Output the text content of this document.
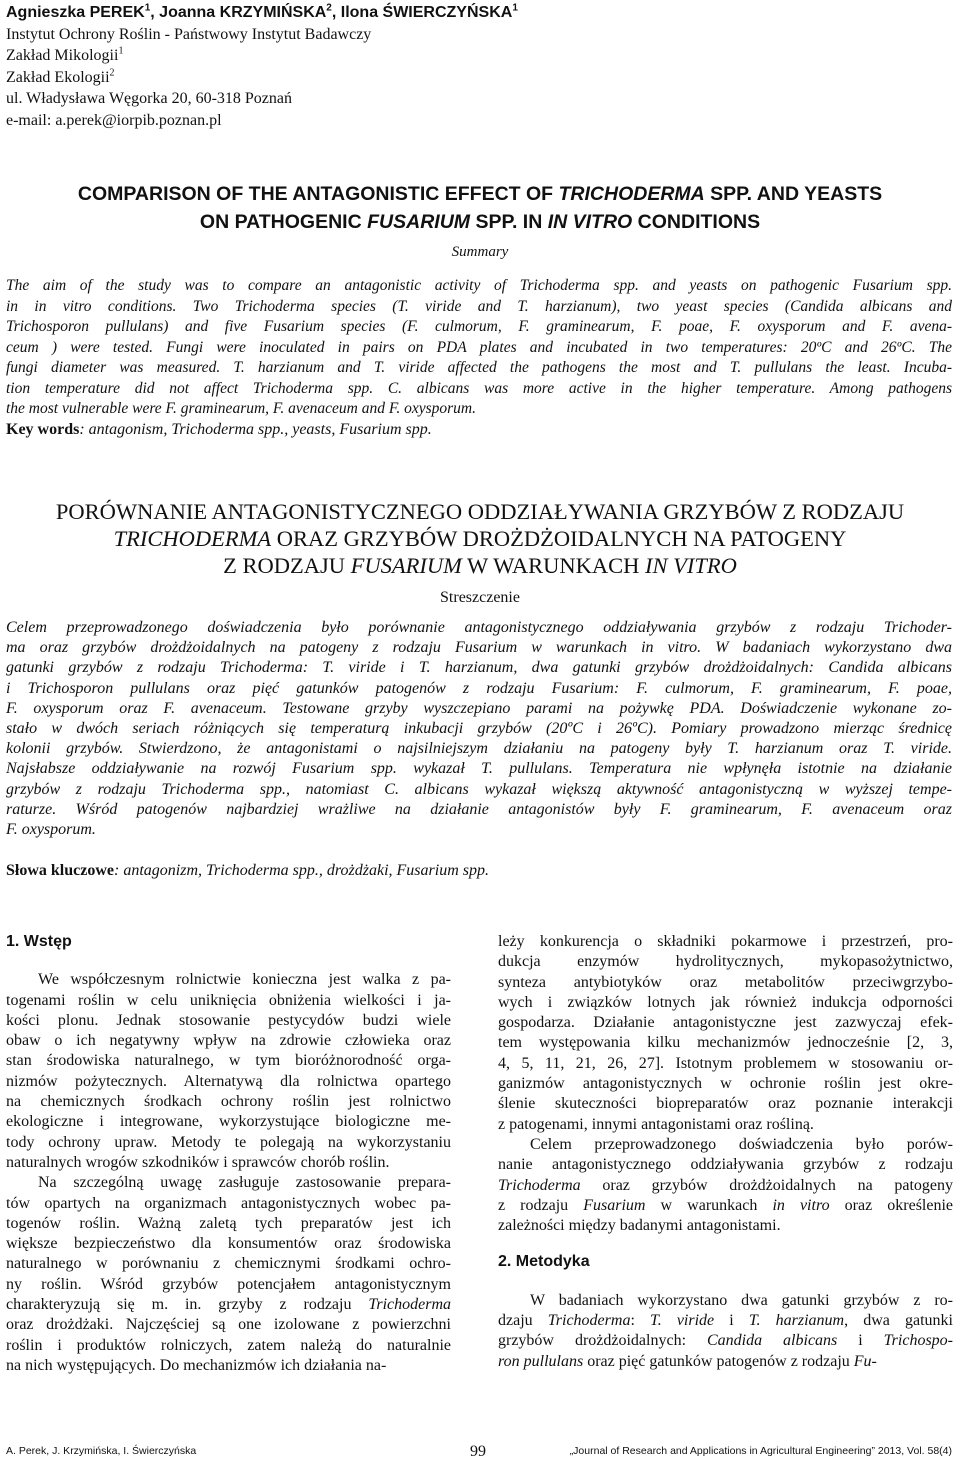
Agnieszka PEREK$^1$, Joanna KRZYMIŃSKA$^2$, Ilona ŚWIERCZYŃSKA$^1$
Instytut Ochrony Roślin - Państwowy Instytut Badawczy
Zakład Mikologii$^1$
Zakład Ekologii$^2$
ul. Władysława Węgorka 20, 60-318 Poznań
e-mail: a.perek@iorpib.poznan.pl
COMPARISON OF THE ANTAGONISTIC EFFECT OF TRICHODERMA SPP. AND YEASTS
ON PATHOGENIC FUSARIUM SPP. IN IN VITRO CONDITIONS
Summary
The aim of the study was to compare an antagonistic activity of Trichoderma spp. and yeasts on pathogenic Fusarium spp.
in in vitro conditions. Two Trichoderma species (T. viride and T. harzianum), two yeast species (Candida albicans and
Trichosporon pullulans) and five Fusarium species (F. culmorum, F. graminearum, F. poae, F. oxysporum and F. avena-
ceum ) were tested. Fungi were inoculated in pairs on PDA plates and incubated in two temperatures: 20ºC and 26ºC. The
fungi diameter was measured. T. harzianum and T. viride affected the pathogens the most and T. pullulans the least. Incuba-
tion temperature did not affect Trichoderma spp. C. albicans was more active in the higher temperature. Among pathogens
the most vulnerable were F. graminearum, F. avenaceum and F. oxysporum.
Key words: antagonism, Trichoderma spp., yeasts, Fusarium spp.
PORÓWNANIE ANTAGONISTYCZNEGO ODDZIAŁYWANIA GRZYBÓW Z RODZAJU
TRICHODERMA ORAZ GRZYBÓW DROŻDŻOIDALNYCH NA PATOGENY
Z RODZAJU FUSARIUM W WARUNKACH IN VITRO
Streszczenie
Celem przeprowadzonego doświadczenia było porównanie antagonistycznego oddziaływania grzybów z rodzaju Trichoder-
ma oraz grzybów drożdżoidalnych na patogeny z rodzaju Fusarium w warunkach in vitro. W badaniach wykorzystano dwa
gatunki grzybów z rodzaju Trichoderma: T. viride i T. harzianum, dwa gatunki grzybów drożdżoidalnych: Candida albicans
i Trichosporon pullulans oraz pięć gatunków patogenów z rodzaju Fusarium: F. culmorum, F. graminearum, F. poae,
F. oxysporum oraz F. avenaceum. Testowane grzyby wyszczepiano parami na pożywkę PDA. Doświadczenie wykonane zo-
stało w dwóch seriach różniących się temperaturą inkubacji grzybów (20ºC i 26ºC). Pomiary prowadzono mierząc średnicę
kolonii grzybów. Stwierdzono, że antagonistami o najsilniejszym działaniu na patogeny były T. harzianum oraz T. viride.
Najsłabsze oddziaływanie na rozwój Fusarium spp. wykazał T. pullulans. Temperatura nie wpłynęła istotnie na działanie
grzybów z rodzaju Trichoderma spp., natomiast C. albicans wykazał większą aktywność antagonistyczną w wyższej tempe-
raturze. Wśród patogenów najbardziej wrażliwe na działanie antagonistów były F. graminearum, F. avenaceum oraz
F. oxysporum.
Słowa kluczowe: antagonizm, Trichoderma spp., drożdżaki, Fusarium spp.

1. Wstęp

We współczesnym rolnictwie konieczna jest walka z pa-
togenami roślin w celu uniknięcia obniżenia wielkości i ja-
kości plonu. Jednak stosowanie pestycydów budzi wiele
obaw o ich negatywny wpływ na zdrowie człowieka oraz
stan środowiska naturalnego, w tym bioróżnorodność orga-
nizmów pożytecznych. Alternatywą dla rolnictwa opartego
na chemicznych środkach ochrony roślin jest rolnictwo
ekologiczne i integrowane, wykorzystujące biologiczne me-
tody ochrony upraw. Metody te polegają na wykorzystaniu
naturalnych wrogów szkodników i sprawców chorób roślin.
Na szczególną uwagę zasługuje zastosowanie prepara-
tów opartych na organizmach antagonistycznych wobec pa-
togenów roślin. Ważną zaletą tych preparatów jest ich
większe bezpieczeństwo dla konsumentów oraz środowiska
naturalnego w porównaniu z chemicznymi środkami ochro-
ny roślin. Wśród grzybów potencjałem antagonistycznym
charakteryzują się m. in. grzyby z rodzaju Trichoderma
oraz drożdżaki. Najczęściej są one izolowane z powierzchni
roślin i produktów rolniczych, zatem należą do naturalnie
na nich występujących. Do mechanizmów ich działania na-
leży konkurencja o składniki pokarmowe i przestrzeń, pro-
dukcja enzymów hydrolitycznych, mykopasożytnictwo,
synteza antybiotyków oraz metabolitów przeciwgrzybo-
wych i związków lotnych jak również indukcja odporności
gospodarza. Działanie antagonistyczne jest zazwyczaj efek-
tem występowania kilku mechanizmów jednocześnie [2, 3,
4, 5, 11, 21, 26, 27]. Istotnym problemem w stosowaniu or-
ganizmów antagonistycznych w ochronie roślin jest okre-
ślenie skuteczności biopreparatów oraz poznanie interakcji
z patogenami, innymi antagonistami oraz rośliną.
Celem przeprowadzonego doświadczenia było porów-
nanie antagonistycznego oddziaływania grzybów z rodzaju
Trichoderma oraz grzybów drożdżoidalnych na patogeny
z rodzaju Fusarium w warunkach in vitro oraz określenie
zależności między badanymi antagonistami.

2. Metodyka

W badaniach wykorzystano dwa gatunki grzybów z ro-
dzaju Trichoderma: T. viride i T. harzianum, dwa gatunki
grzybów drożdżoidalnych: Candida albicans i Trichospo-
ron pullulans oraz pięć gatunków patogenów z rodzaju Fu-
A. Perek, J. Krzymińska, I. Świerczyńska	99	„Journal of Research and Applications in Agricultural Engineering” 2013, Vol. 58(4)
